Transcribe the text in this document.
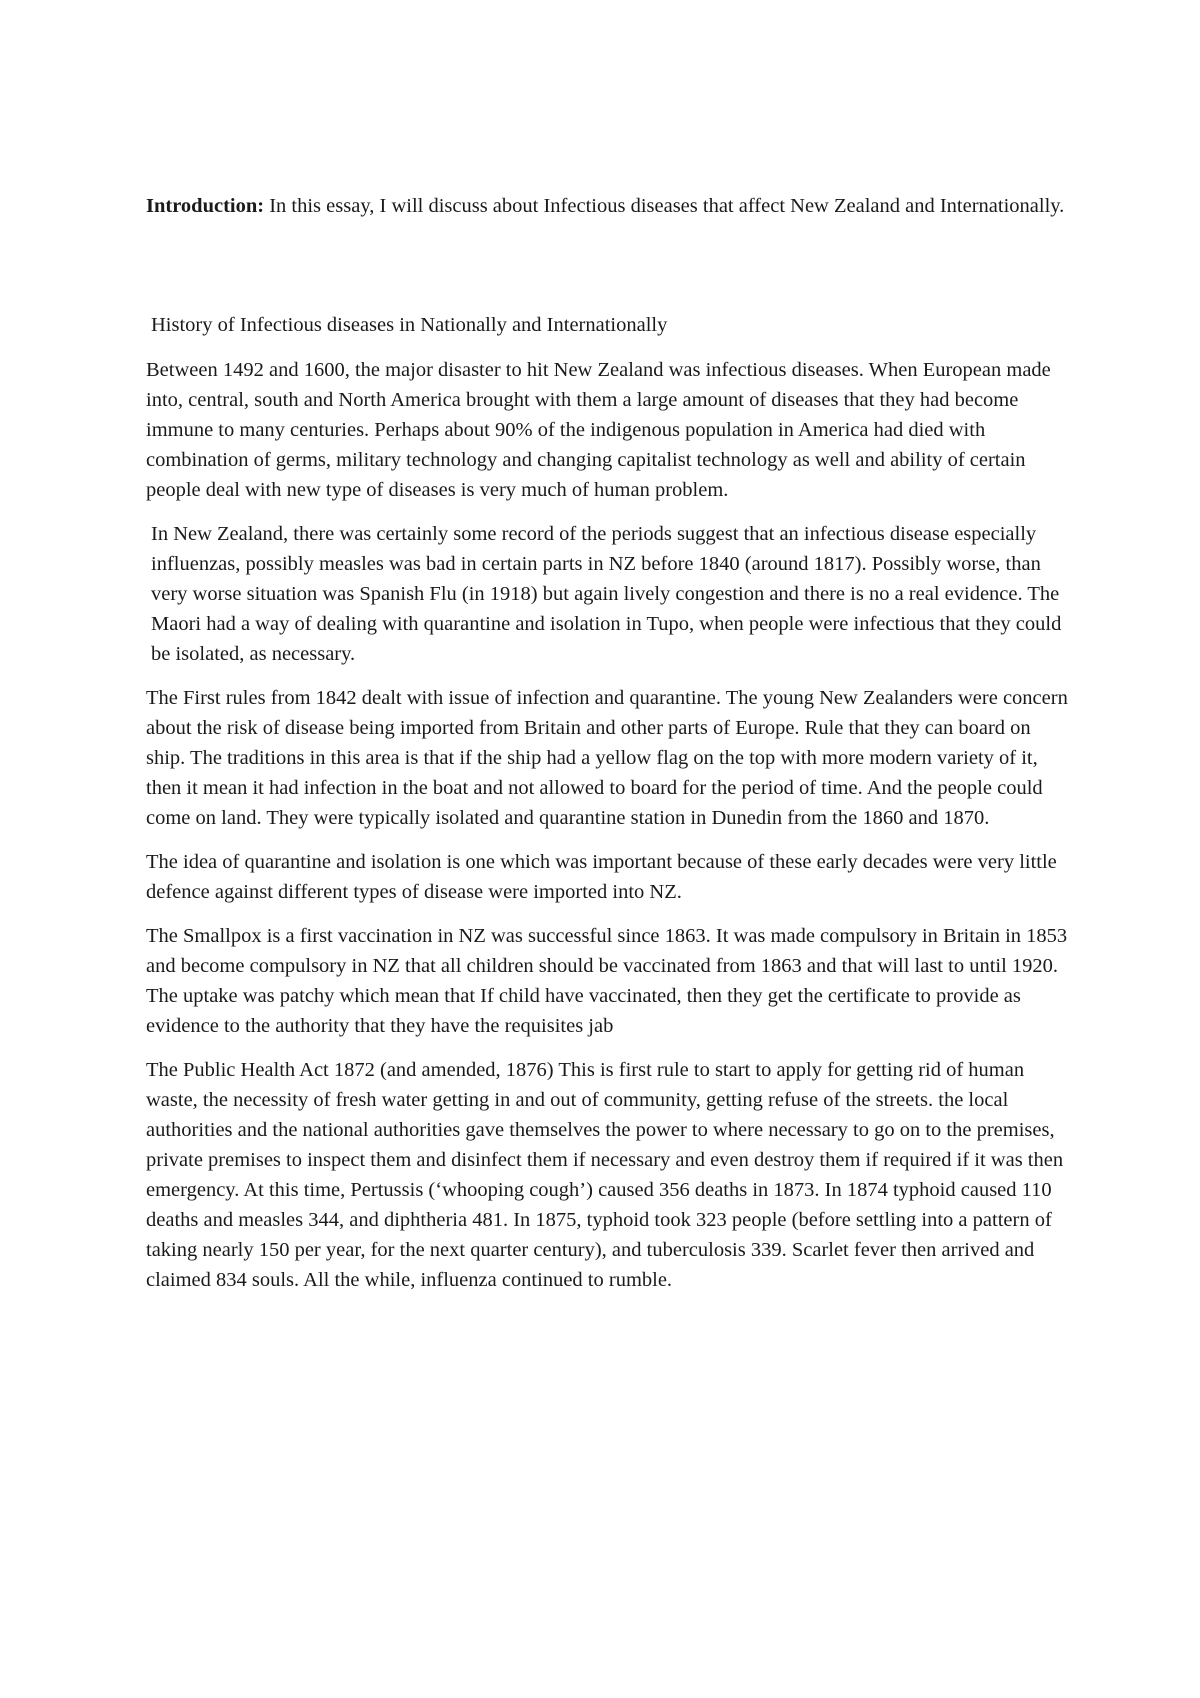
Introduction: In this essay, I will discuss about Infectious diseases that affect New Zealand and Internationally.

History of Infectious diseases in Nationally and Internationally

Between 1492 and 1600, the major disaster to hit New Zealand was infectious diseases. When European made into, central, south and North America brought with them a large amount of diseases that they had become immune to many centuries. Perhaps about 90% of the indigenous population in America had died with combination of germs, military technology and changing capitalist technology as well and ability of certain people deal with new type of diseases is very much of human problem.

In New Zealand, there was certainly some record of the periods suggest that an infectious disease especially influenzas, possibly measles was bad in certain parts in NZ before 1840 (around 1817). Possibly worse, than very worse situation was Spanish Flu (in 1918) but again lively congestion and there is no a real evidence. The Maori had a way of dealing with quarantine and isolation in Tupo, when people were infectious that they could be isolated, as necessary.

The First rules from 1842 dealt with issue of infection and quarantine. The young New Zealanders were concern about the risk of disease being imported from Britain and other parts of Europe. Rule that they can board on ship. The traditions in this area is that if the ship had a yellow flag on the top with more modern variety of it, then it mean it had infection in the boat and not allowed to board for the period of time. And the people could come on land. They were typically isolated and quarantine station in Dunedin from the 1860 and 1870.

The idea of quarantine and isolation is one which was important because of these early decades were very little defence against different types of disease were imported into NZ.

The Smallpox is a first vaccination in NZ was successful since 1863. It was made compulsory in Britain in 1853 and become compulsory in NZ that all children should be vaccinated from 1863 and that will last to until 1920. The uptake was patchy which mean that If child have vaccinated, then they get the certificate to provide as evidence to the authority that they have the requisites jab

The Public Health Act 1872 (and amended, 1876) This is first rule to start to apply for getting rid of human waste, the necessity of fresh water getting in and out of community, getting refuse of the streets. the local authorities and the national authorities gave themselves the power to where necessary to go on to the premises, private premises to inspect them and disinfect them if necessary and even destroy them if required if it was then emergency. At this time, Pertussis (‘whooping cough’) caused 356 deaths in 1873. In 1874 typhoid caused 110 deaths and measles 344, and diphtheria 481. In 1875, typhoid took 323 people (before settling into a pattern of taking nearly 150 per year, for the next quarter century), and tuberculosis 339. Scarlet fever then arrived and claimed 834 souls. All the while, influenza continued to rumble.
